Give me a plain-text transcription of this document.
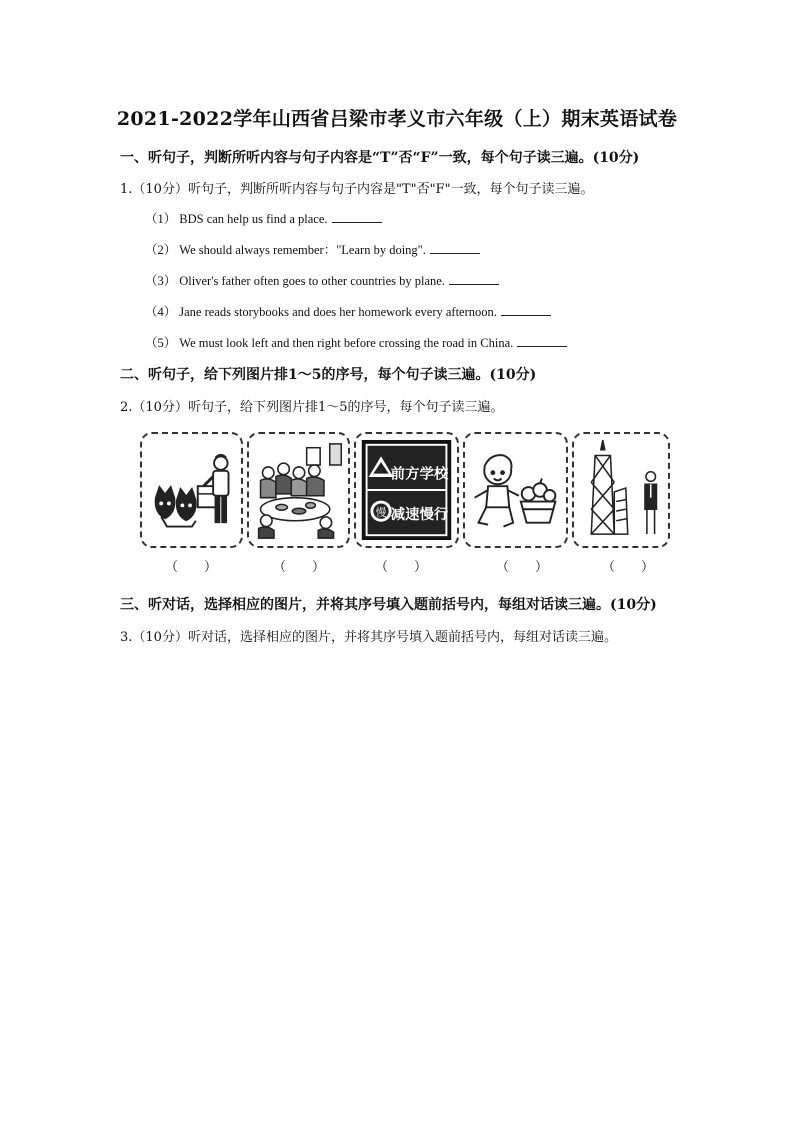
2021-2022学年山西省吕梁市孝义市六年级（上）期末英语试卷
一、听句子，判断所听内容与句子内容是“T”否“F”一致，每个句子读三遍。(10分)
1.（10分）听句子，判断所听内容与句子内容是"T"否"F"一致，每个句子读三遍。
（1） BDS can help us find a place.
（2） We should always remember："Learn by doing".
（3） Oliver's father often goes to other countries by plane.
（4） Jane reads storybooks and does her homework every afternoon.
（5） We must look left and then right before crossing the road in China.
二、听句子，给下列图片排1～5的序号，每个句子读三遍。(10分)
2.（10分）听句子，给下列图片排1～5的序号，每个句子读三遍。
慢
前方学校
减速慢行
（　　）	（　　）	（　　）	（　　）	（　　）
三、听对话，选择相应的图片，并将其序号填入题前括号内，每组对话读三遍。(10分)
3.（10分）听对话，选择相应的图片，并将其序号填入题前括号内，每组对话读三遍。
